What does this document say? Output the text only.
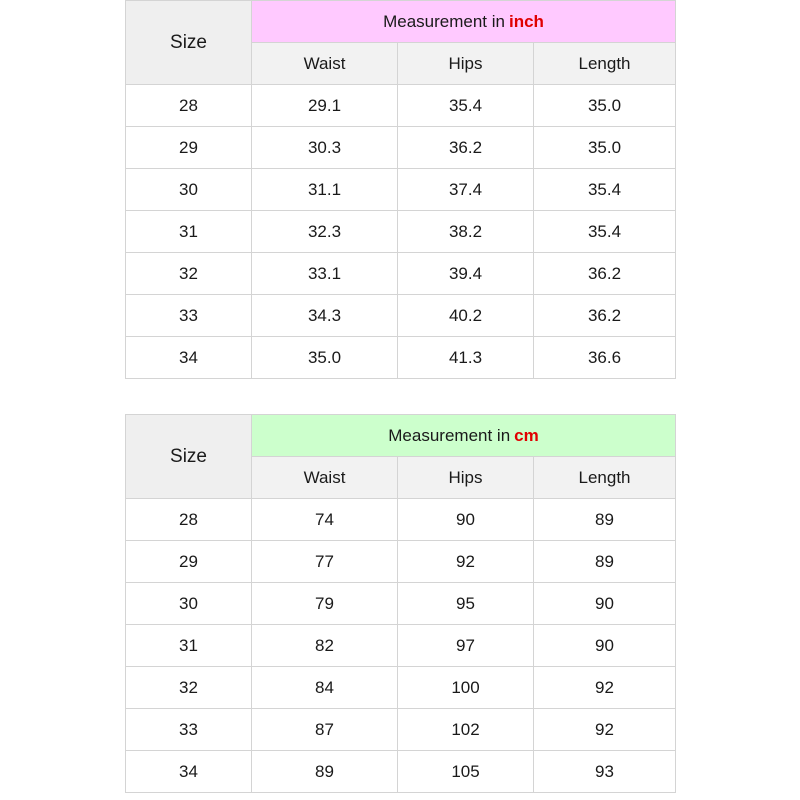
Size	Measurement in inch		
	Waist	Hips	Length
28	29.1	35.4	35.0
29	30.3	36.2	35.0
30	31.1	37.4	35.4
31	32.3	38.2	35.4
32	33.1	39.4	36.2
33	34.3	40.2	36.2
34	35.0	41.3	36.6
Size	Measurement in cm		
	Waist	Hips	Length
28	74	90	89
29	77	92	89
30	79	95	90
31	82	97	90
32	84	100	92
33	87	102	92
34	89	105	93
